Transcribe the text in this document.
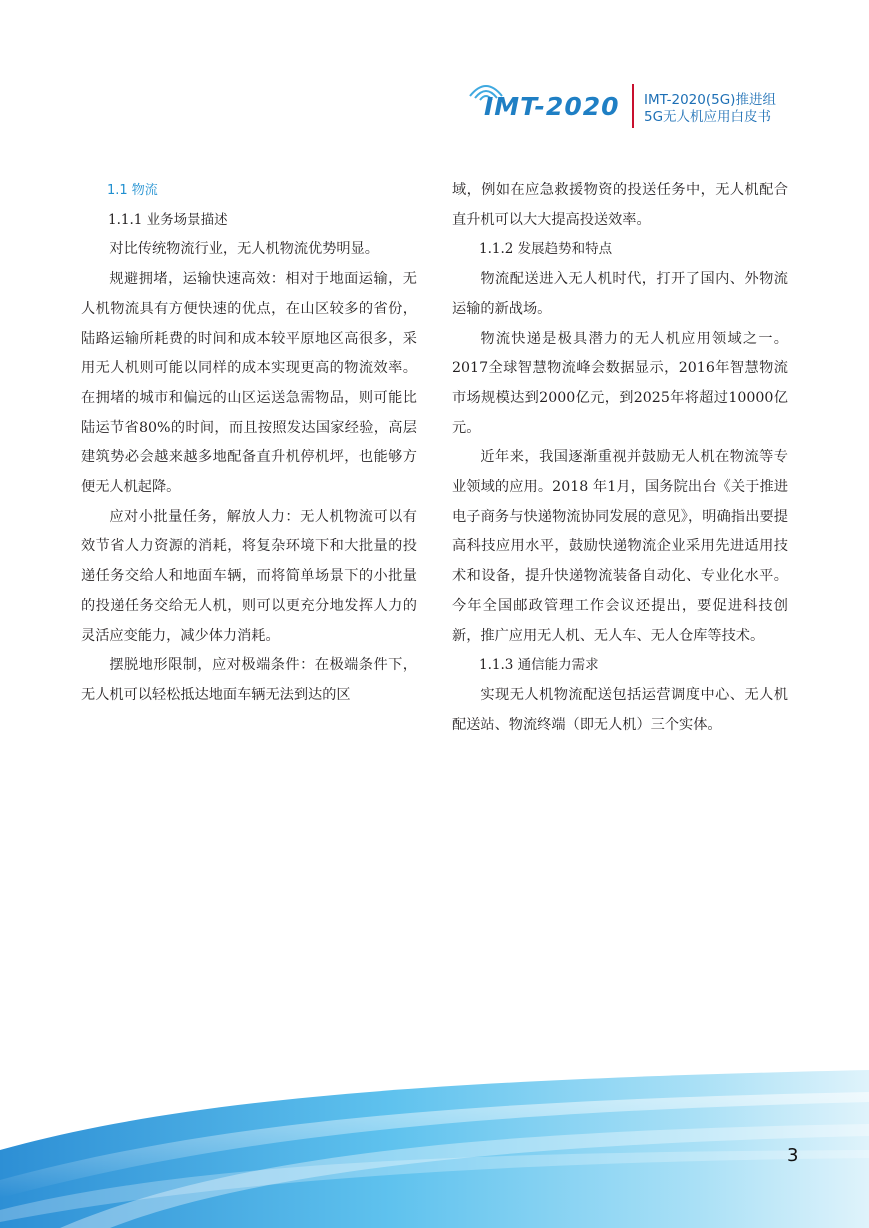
IMT-2020 IMT-2020(5G)推进组
5G无人机应用白皮书

1.1 物流

1.1.1 业务场景描述

对比传统物流行业，无人机物流优势明显。

规避拥堵，运输快速高效：相对于地面运输，无人机物流具有方便快速的优点，在山区较多的省份，陆路运输所耗费的时间和成本较平原地区高很多，采用无人机则可能以同样的成本实现更高的物流效率。在拥堵的城市和偏远的山区运送急需物品，则可能比陆运节省80%的时间，而且按照发达国家经验，高层建筑势必会越来越多地配备直升机停机坪，也能够方便无人机起降。

应对小批量任务，解放人力：无人机物流可以有效节省人力资源的消耗，将复杂环境下和大批量的投递任务交给人和地面车辆，而将简单场景下的小批量的投递任务交给无人机，则可以更充分地发挥人力的灵活应变能力，减少体力消耗。

摆脱地形限制，应对极端条件：在极端条件下，无人机可以轻松抵达地面车辆无法到达的区

域，例如在应急救援物资的投送任务中，无人机配合直升机可以大大提高投送效率。

1.1.2 发展趋势和特点

物流配送进入无人机时代，打开了国内、外物流运输的新战场。

物流快递是极具潜力的无人机应用领域之一。2017全球智慧物流峰会数据显示，2016年智慧物流市场规模达到2000亿元，到2025年将超过10000亿元。

近年来，我国逐渐重视并鼓励无人机在物流等专业领域的应用。2018 年1月，国务院出台《关于推进电子商务与快递物流协同发展的意见》，明确指出要提高科技应用水平，鼓励快递物流企业采用先进适用技术和设备，提升快递物流装备自动化、专业化水平。今年全国邮政管理工作会议还提出，要促进科技创新，推广应用无人机、无人车、无人仓库等技术。

1.1.3 通信能力需求

实现无人机物流配送包括运营调度中心、无人机配送站、物流终端（即无人机）三个实体。

3
